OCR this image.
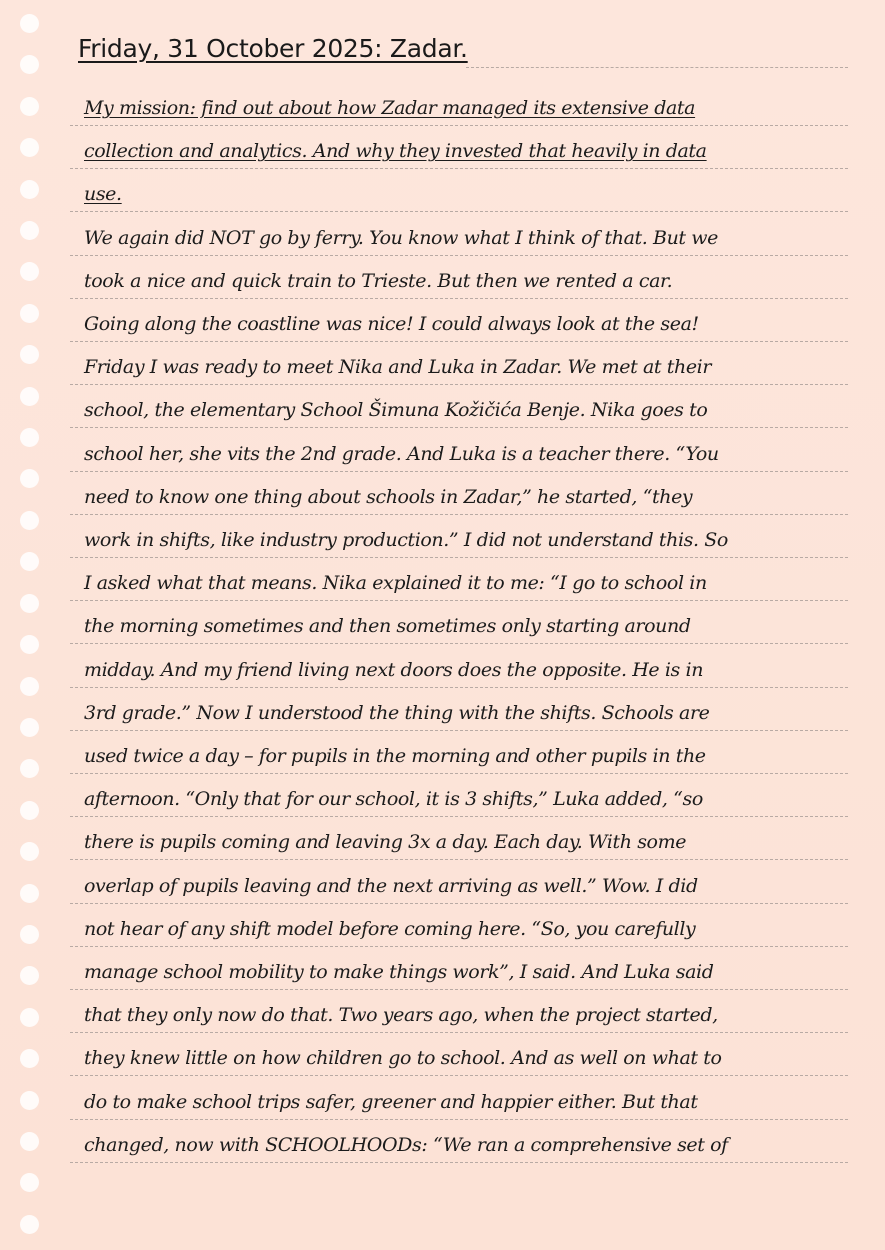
Friday, 31 October 2025: Zadar.
My mission: find out about how Zadar managed its extensive data
collection and analytics. And why they invested that heavily in data
use.
We again did NOT go by ferry. You know what I think of that. But we
took a nice and quick train to Trieste. But then we rented a car.
Going along the coastline was nice! I could always look at the sea!
Friday I was ready to meet Nika and Luka in Zadar. We met at their
school, the elementary School Šimuna Kožičića Benje. Nika goes to
school her, she vits the 2nd grade. And Luka is a teacher there. “You
need to know one thing about schools in Zadar,” he started, “they
work in shifts, like industry production.” I did not understand this. So
I asked what that means. Nika explained it to me: “I go to school in
the morning sometimes and then sometimes only starting around
midday. And my friend living next doors does the opposite. He is in
3rd grade.” Now I understood the thing with the shifts. Schools are
used twice a day – for pupils in the morning and other pupils in the
afternoon. “Only that for our school, it is 3 shifts,” Luka added, “so
there is pupils coming and leaving 3x a day. Each day. With some
overlap of pupils leaving and the next arriving as well.” Wow. I did
not hear of any shift model before coming here. “So, you carefully
manage school mobility to make things work”, I said. And Luka said
that they only now do that. Two years ago, when the project started,
they knew little on how children go to school. And as well on what to
do to make school trips safer, greener and happier either. But that
changed, now with SCHOOLHOODs: “We ran a comprehensive set of
